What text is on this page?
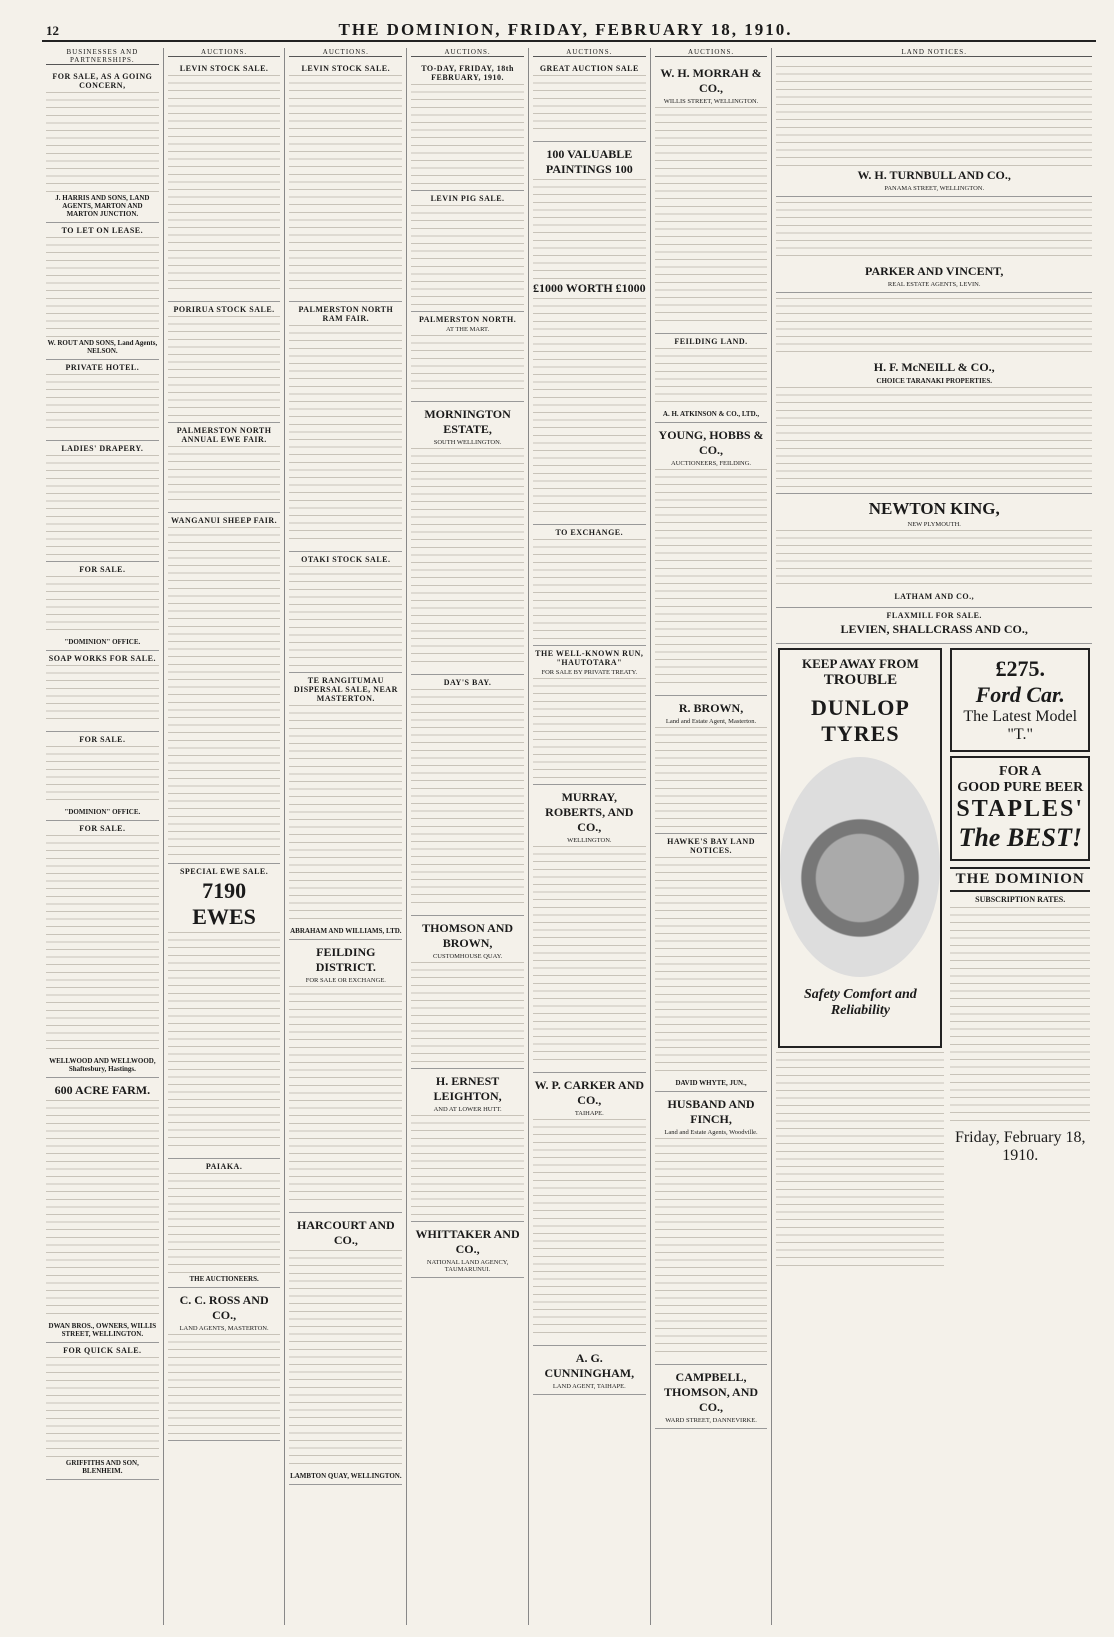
12	THE DOMINION, FRIDAY, FEBRUARY 18, 1910.
BUSINESSES AND PARTNERSHIPS.
FOR SALE, AS A GOING CONCERN,
J. HARRIS AND SONS, LAND AGENTS, MARTON AND MARTON JUNCTION.
TO LET ON LEASE.
W. ROUT AND SONS, Land Agents, NELSON.
PRIVATE HOTEL.
LADIES' DRAPERY.
FOR SALE.
"DOMINION" OFFICE.
SOAP WORKS FOR SALE.
FOR SALE.
"DOMINION" OFFICE.
FOR SALE.
WELLWOOD AND WELLWOOD, Shaftesbury, Hastings.
600 ACRE FARM.
DWAN BROS., OWNERS, WILLIS STREET, WELLINGTON.
FOR QUICK SALE.
GRIFFITHS AND SON, BLENHEIM.
AUCTIONS.
LEVIN STOCK SALE.
PORIRUA STOCK SALE.
PALMERSTON NORTH ANNUAL EWE FAIR.
WANGANUI SHEEP FAIR.
SPECIAL EWE SALE.
7190 EWES
PAIAKA.
THE AUCTIONEERS.
C. C. ROSS AND CO.,
LAND AGENTS, MASTERTON.
AUCTIONS.
LEVIN STOCK SALE.
PALMERSTON NORTH RAM FAIR.
OTAKI STOCK SALE.
TE RANGITUMAU DISPERSAL SALE, NEAR MASTERTON.
ABRAHAM AND WILLIAMS, LTD.
FEILDING DISTRICT.
FOR SALE OR EXCHANGE.
HARCOURT AND CO.,
LAMBTON QUAY, WELLINGTON.
AUCTIONS.
TO-DAY, FRIDAY, 18th FEBRUARY, 1910.
LEVIN PIG SALE.
PALMERSTON NORTH.
AT THE MART.
MORNINGTON ESTATE,
SOUTH WELLINGTON.
DAY'S BAY.
THOMSON AND BROWN,
CUSTOMHOUSE QUAY.
H. ERNEST LEIGHTON,
AND AT LOWER HUTT.
WHITTAKER AND CO.,
NATIONAL LAND AGENCY, TAUMARUNUI.
AUCTIONS.
GREAT AUCTION SALE
100 VALUABLE PAINTINGS 100
£1000 WORTH £1000
TO EXCHANGE.
THE WELL-KNOWN RUN, "HAUTOTARA"
FOR SALE BY PRIVATE TREATY.
MURRAY, ROBERTS, AND CO.,
WELLINGTON.
W. P. CARKER AND CO.,
TAIHAPE.
A. G. CUNNINGHAM,
LAND AGENT, TAIHAPE.
AUCTIONS.
W. H. MORRAH & CO.,
WILLIS STREET, WELLINGTON.
FEILDING LAND.
A. H. ATKINSON & CO., LTD.,
YOUNG, HOBBS & CO.,
AUCTIONEERS, FEILDING.
R. BROWN,
Land and Estate Agent, Masterton.
HAWKE'S BAY LAND NOTICES.
DAVID WHYTE, JUN.,
HUSBAND AND FINCH,
Land and Estate Agents, Woodville.
CAMPBELL, THOMSON, AND CO.,
WARD STREET, DANNEVIRKE.
LAND NOTICES.
W. H. TURNBULL AND CO.,
PANAMA STREET, WELLINGTON.
PARKER AND VINCENT,
REAL ESTATE AGENTS, LEVIN.
H. F. McNEILL & CO.,
CHOICE TARANAKI PROPERTIES.
NEWTON KING,
NEW PLYMOUTH.
LATHAM AND CO.,
FLAXMILL FOR SALE.
LEVIEN, SHALLCRASS AND CO.,
KEEP AWAY FROM
TROUBLE
DUNLOP TYRES
Safety Comfort and Reliability
£275.
Ford Car.
The Latest Model "T."
FOR A
GOOD PURE BEER
STAPLES'
The BEST!
THE DOMINION
SUBSCRIPTION RATES.
Friday, February 18, 1910.
